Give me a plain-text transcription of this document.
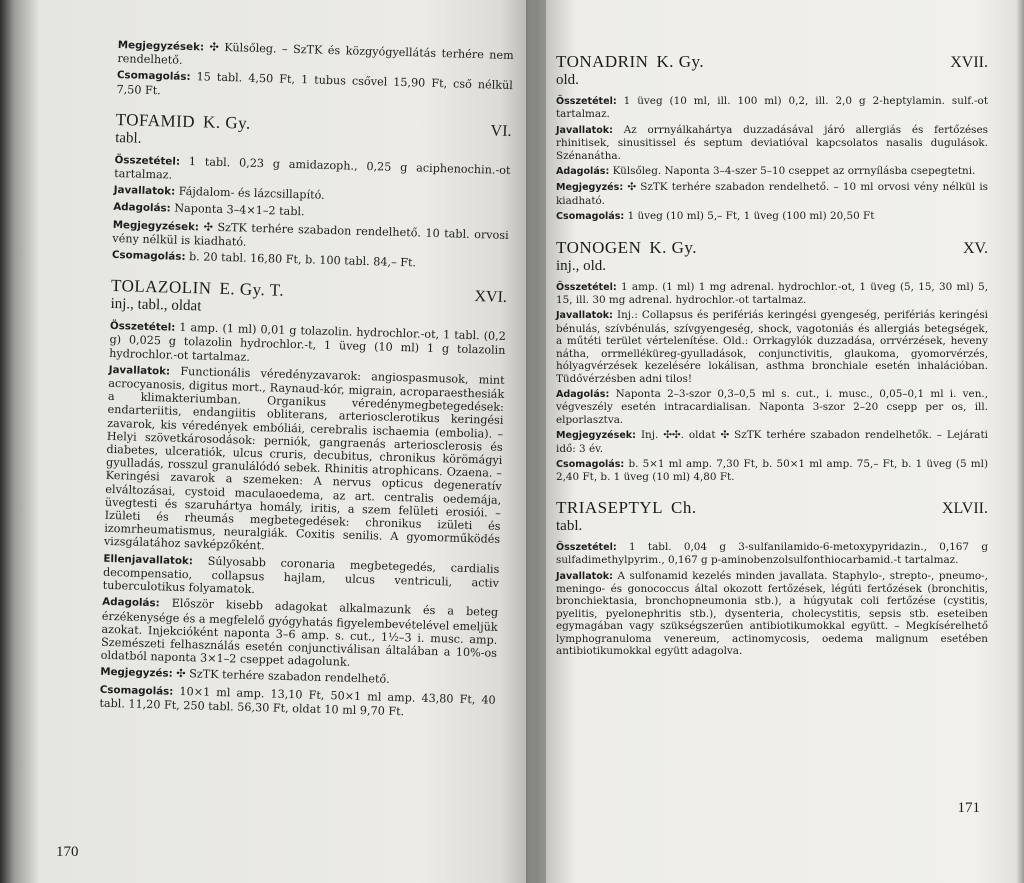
Megjegyzések: ✣ Külsőleg. – SzTK és közgyógyellátás terhére nem rendelhető.

Csomagolás: 15 tabl. 4,50 Ft, 1 tubus csővel 15,90 Ft, cső nélkül 7,50 Ft.

TOFAMID K. Gy.	VI.
tabl.

Összetétel: 1 tabl. 0,23 g amidazoph., 0,25 g aciphenochin.-ot tartalmaz.

Javallatok: Fájdalom- és lázcsillapító.

Adagolás: Naponta 3–4×1–2 tabl.

Megjegyzések: ✣ SzTK terhére szabadon rendelhető. 10 tabl. orvosi vény nélkül is kiadható.

Csomagolás: b. 20 tabl. 16,80 Ft, b. 100 tabl. 84,– Ft.

TOLAZOLIN E. Gy. T.	XVI.
inj., tabl., oldat

Összetétel: 1 amp. (1 ml) 0,01 g tolazolin. hydrochlor.-ot, 1 tabl. (0,2 g) 0,025 g tolazolin hydrochlor.-t, 1 üveg (10 ml) 1 g tolazolin hydrochlor.-ot tartalmaz.

Javallatok: Functionális véredényzavarok: angiospasmusok, mint acrocyanosis, digitus mort., Raynaud-kór, migrain, acroparaesthesiák a klimakteriumban. Organikus véredénymegbetegedések: endarteriitis, endangiitis obliterans, arteriosclerotikus keringési zavarok, kis véredények embóliái, cerebralis ischaemia (embolia). – Helyi szövetkárosodások: perniók, gangraenás arteriosclerosis és diabetes, ulceratiók, ulcus cruris, decubitus, chronikus körömágyi gyulladás, rosszul granulálódó sebek. Rhinitis atrophicans. Ozaena. – Keringési zavarok a szemeken: A nervus opticus degeneratív elváltozásai, cystoid maculaoedema, az art. centralis oedemája, üvegtesti és szaruhártya homály, iritis, a szem felületi erosiói. – Izületi és rheumás megbetegedések: chronikus izületi és izomrheumatismus, neuralgiák. Coxitis senilis. A gyomorműködés vizsgálatához savképzőként.

Ellenjavallatok: Súlyosabb coronaria megbetegedés, cardialis decompensatio, collapsus hajlam, ulcus ventriculi, activ tuberculotikus folyamatok.

Adagolás: Először kisebb adagokat alkalmazunk és a beteg érzékenysége és a megfelelő gyógyhatás figyelembevételével emeljük azokat. Injekcióként naponta 3–6 amp. s. cut., 1½–3 i. musc. amp. Szemészeti felhasználás esetén conjunctiválisan általában a 10%-os oldatból naponta 3×1–2 cseppet adagolunk.

Megjegyzés: ✣ SzTK terhére szabadon rendelhető.

Csomagolás: 10×1 ml amp. 13,10 Ft, 50×1 ml amp. 43,80 Ft, 40 tabl. 11,20 Ft, 250 tabl. 56,30 Ft, oldat 10 ml 9,70 Ft.

170
TONADRIN K. Gy.	XVII.
old.

Összetétel: 1 üveg (10 ml, ill. 100 ml) 0,2, ill. 2,0 g 2-heptylamin. sulf.-ot tartalmaz.

Javallatok: Az orrnyálkahártya duzzadásával járó allergiás és fertőzéses rhinitisek, sinusitissel és septum deviatióval kapcsolatos nasalis dugulások. Szénanátha.

Adagolás: Külsőleg. Naponta 3–4-szer 5–10 cseppet az orrnyílásba csepegtetni.

Megjegyzés: ✣ SzTK terhére szabadon rendelhető. – 10 ml orvosi vény nélkül is kiadható.

Csomagolás: 1 üveg (10 ml) 5,– Ft, 1 üveg (100 ml) 20,50 Ft

TONOGEN K. Gy.	XV.
inj., old.

Összetétel: 1 amp. (1 ml) 1 mg adrenal. hydrochlor.-ot, 1 üveg (5, 15, 30 ml) 5, 15, ill. 30 mg adrenal. hydrochlor.-ot tartalmaz.

Javallatok: Inj.: Collapsus és perifériás keringési gyengeség, perifériás keringési bénulás, szívbénulás, szívgyengeség, shock, vagotoniás és allergiás betegségek, a műtéti terület vértelenítése. Old.: Orrkagylók duzzadása, orrvérzések, heveny nátha, orrmelléküreg-gyulladások, conjunctivitis, glaukoma, gyomorvérzés, hólyagvérzések kezelésére lokálisan, asthma bronchiale esetén inhalációban. Tüdővérzésben adni tilos!

Adagolás: Naponta 2–3-szor 0,3–0,5 ml s. cut., i. musc., 0,05–0,1 ml i. ven., végveszély esetén intracardialisan. Naponta 3-szor 2–20 csepp per os, ill. elporlasztva.

Megjegyzések: Inj. ✣✣. oldat ✣ SzTK terhére szabadon rendelhetők. – Lejárati idő: 3 év.

Csomagolás: b. 5×1 ml amp. 7,30 Ft, b. 50×1 ml amp. 75,– Ft, b. 1 üveg (5 ml) 2,40 Ft, b. 1 üveg (10 ml) 4,80 Ft.

TRIASEPTYL Ch.	XLVII.
tabl.

Összetétel: 1 tabl. 0,04 g 3-sulfanilamido-6-metoxypyridazin., 0,167 g sulfadimethylpyrim., 0,167 g p-aminobenzolsulfonthiocarbamid.-t tartalmaz.

Javallatok: A sulfonamid kezelés minden javallata. Staphylo-, strepto-, pneumo-, meningo- és gonococcus által okozott fertőzések, légúti fertőzések (bronchitis, bronchiektasia, bronchopneumonia stb.), a húgyutak coli fertőzése (cystitis, pyelitis, pyelonephritis stb.), dysenteria, cholecystitis, sepsis stb. eseteiben egymagában vagy szükségszerűen antibiotikumokkal együtt. – Megkísérelhető lymphogranuloma venereum, actinomycosis, oedema malignum esetében antibiotikumokkal együtt adagolva.

171
